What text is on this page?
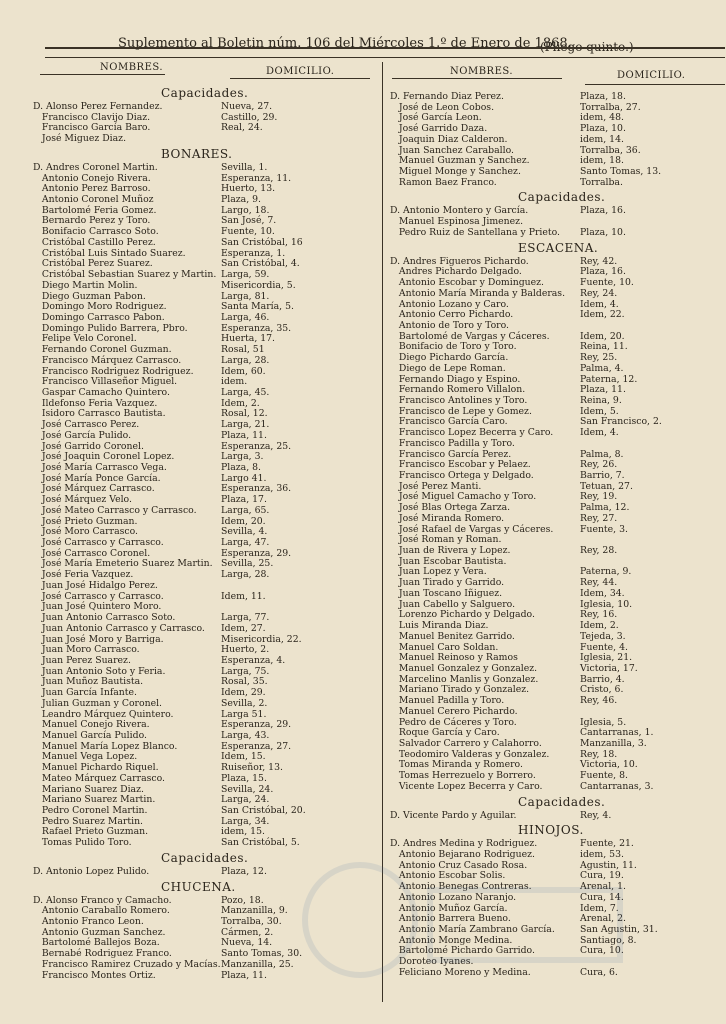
Suplemento al Boletin núm. 106 del Miércoles 1.º de Enero de 1868.
(Pliego quinto.)
NOMBRES.	DOMICILIO.	NOMBRES.	DOMICILIO.
Capacidades.
D. Alonso Perez Fernandez.	Nueva, 27.
Francisco Clavijo Diaz.	Castillo, 29.
Francisco García Baro.	Real, 24.
José Miguez Diaz.
BONARES.
D. Andres Coronel Martin.	Sevilla, 1.
Antonio Conejo Rivera.	Esperanza, 11.
Antonio Perez Barroso.	Huerto, 13.
Antonio Coronel Muñoz	Plaza, 9.
Bartolomé Feria Gomez.	Largo, 18.
Bernardo Perez y Toro.	San José, 7.
Bonifacio Carrasco Soto.	Fuente, 10.
Cristóbal Castillo Perez.	San Cristóbal, 16
Cristóbal Luis Sintado Suarez.	Esperanza, 1.
Cristóbal Perez Suarez.	San Cristóbal, 4.
Cristóbal Sebastian Suarez y Martin. Larga, 59.
Diego Martin Molin.	Misericordia, 5.
Diego Guzman Pabon.	Larga, 81.
Domingo Moro Rodriguez.	Santa María, 5.
Domingo Carrasco Pabon.	Larga, 46.
Domingo Pulido Barrera, Pbro.	Esperanza, 35.
Felipe Velo Coronel.	Huerta, 17.
Fernando Coronel Guzman.	Rosal, 51
Francisco Márquez Carrasco.	Larga, 28.
Francisco Rodriguez Rodriguez.	Idem, 60.
Francisco Villaseñor Miguel.	idem.
Gaspar Camacho Quintero.	Larga, 45.
Ildefonso Feria Vazquez.	Idem, 2.
Isidoro Carrasco Bautista.	Rosal, 12.
José Carrasco Perez.	Larga, 21.
José García Pulido.	Plaza, 11.
José Garrido Coronel.	Esperanza, 25.
José Joaquin Coronel Lopez.	Larga, 3.
José María Carrasco Vega.	Plaza, 8.
José María Ponce García.	Largo 41.
José Márquez Carrasco.	Esperanza, 36.
José Márquez Velo.	Plaza, 17.
José Mateo Carrasco y Carrasco.	Larga, 65.
José Prieto Guzman.	Idem, 20.
José Moro Carrasco.	Sevilla, 4.
José Carrasco y Carrasco.	Larga, 47.
José Carrasco Coronel.	Esperanza, 29.
José María Emeterio Suarez Martin. Sevilla, 25.
José Feria Vazquez.	Larga, 28.
Juan José Hidalgo Perez.
José Carrasco y Carrasco.	Idem, 11.
Juan José Quintero Moro.
Juan Antonio Carrasco Soto.	Larga, 77.
Juan Antonio Carrasco y Carrasco. Idem, 27.
Juan José Moro y Barriga.	Misericordia, 22.
Juan Moro Carrasco.	Huerto, 2.
Juan Perez Suarez.	Esperanza, 4.
Juan Antonio Soto y Feria.	Larga, 75.
Juan Muñoz Bautista.	Rosal, 35.
Juan García Infante.	Idem, 29.
Julian Guzman y Coronel.	Sevilla, 2.
Leandro Márquez Quintero.	Larga 51.
Manuel Conejo Rivera.	Esperanza, 29.
Manuel García Pulido.	Larga, 43.
Manuel María Lopez Blanco.	Esperanza, 27.
Manuel Vega Lopez.	Idem, 15.
Manuel Pichardo Riquel.	Ruiseñor, 13.
Mateo Márquez Carrasco.	Plaza, 15.
Mariano Suarez Diaz.	Sevilla, 24.
Mariano Suarez Martin.	Larga, 24.
Pedro Coronel Martin.	San Cristóbal, 20.
Pedro Suarez Martin.	Larga, 34.
Rafael Prieto Guzman.	idem, 15.
Tomas Pulido Toro.	San Cristóbal, 5.
Capacidades.
D. Antonio Lopez Pulido.	Plaza, 12.
CHUCENA.
D. Alonso Franco y Camacho.	Pozo, 18.
Antonio Caraballo Romero.	Manzanilla, 9.
Antonio Franco Leon.	Torralba, 30.
Antonio Guzman Sanchez.	Cármen, 2.
Bartolomé Ballejos Boza.	Nueva, 14.
Bernabé Rodriguez Franco.	Santo Tomas, 30.
Francisco Ramirez Cruzado y Macías. Manzanilla, 25.
Francisco Montes Ortiz.	Plaza, 11.
D. Fernando Diaz Perez.	Plaza, 18.
José de Leon Cobos.	Torralba, 27.
José García Leon.	idem, 48.
José Garrido Daza.	Plaza, 10.
Joaquin Diaz Calderon.	idem, 14.
Juan Sanchez Caraballo.	Torralba, 36.
Manuel Guzman y Sanchez.	idem, 18.
Miguel Monge y Sanchez.	Santo Tomas, 13.
Ramon Baez Franco.	Torralba.
Capacidades.
D. Antonio Montero y García.	Plaza, 16.
Manuel Espinosa Jimenez.
Pedro Ruiz de Santellana y Prieto. Plaza, 10.
ESCACENA.
D. Andres Figueros Pichardo.	Rey, 42.
Andres Pichardo Delgado.	Plaza, 16.
Antonio Escobar y Dominguez.	Fuente, 10.
Antonio María Miranda y Balderas. Rey, 24.
Antonio Lozano y Caro.	Idem, 4.
Antonio Cerro Pichardo.	Idem, 22.
Antonio de Toro y Toro.
Bartolomé de Vargas y Cáceres.	Idem, 20.
Bonifacio de Toro y Toro.	Reina, 11.
Diego Pichardo García.	Rey, 25.
Diego de Lepe Roman.	Palma, 4.
Fernando Diago y Espino.	Paterna, 12.
Fernando Romero Villalon.	Plaza, 11.
Francisco Antolines y Toro.	Reina, 9.
Francisco de Lepe y Gomez.	Idem, 5.
Francisco García Caro.	San Francisco, 2.
Francisco Lopez Becerra y Caro.	Idem, 4.
Francisco Padilla y Toro.
Francisco García Perez.	Palma, 8.
Francisco Escobar y Pelaez.	Rey, 26.
Francisco Ortega y Delgado.	Barrio, 7.
José Perez Manti.	Tetuan, 27.
José Miguel Camacho y Toro.	Rey, 19.
José Blas Ortega Zarza.	Palma, 12.
José Miranda Romero.	Rey, 27.
José Rafael de Vargas y Cáceres.	Fuente, 3.
José Roman y Roman.
Juan de Rivera y Lopez.	Rey, 28.
Juan Escobar Bautista.
Juan Lopez y Vera.	Paterna, 9.
Juan Tirado y Garrido.	Rey, 44.
Juan Toscano Iñiguez.	Idem, 34.
Juan Cabello y Salguero.	Iglesia, 10.
Lorenzo Pichardo y Delgado.	Rey, 16.
Luis Miranda Diaz.	Idem, 2.
Manuel Benitez Garrido.	Tejeda, 3.
Manuel Caro Soldan.	Fuente, 4.
Manuel Reinoso y Ramos	Iglesia, 21.
Manuel Gonzalez y Gonzalez.	Victoria, 17.
Marcelino Manlis y Gonzalez.	Barrio, 4.
Mariano Tirado y Gonzalez.	Cristo, 6.
Manuel Padilla y Toro.	Rey, 46.
Manuel Cerero Pichardo.
Pedro de Cáceres y Toro.	Iglesia, 5.
Roque García y Caro.	Cantarranas, 1.
Salvador Carrero y Calahorro.	Manzanilla, 3.
Teodomiro Valderas y Gonzalez.	Rey, 18.
Tomas Miranda y Romero.	Victoria, 10.
Tomas Herrezuelo y Borrero.	Fuente, 8.
Vicente Lopez Becerra y Caro.	Cantarranas, 3.
Capacidades.
D. Vicente Pardo y Aguilar.	Rey, 4.
HINOJOS.
D. Andres Medina y Rodriguez.	Fuente, 21.
Antonio Bejarano Rodriguez.	idem, 53.
Antonio Cruz Casado Rosa.	Agustin, 11.
Antonio Escobar Solis.	Cura, 19.
Antonio Benegas Contreras.	Arenal, 1.
Antonio Lozano Naranjo.	Cura, 14.
Antonio Muñoz García.	Idem, 7.
Antonio Barrera Bueno.	Arenal, 2.
Antonio María Zambrano García.	San Agustin, 31.
Antonio Monge Medina.	Santiago, 8.
Bartolomé Pichardo Garrido.	Cura, 10.
Doroteo Iyanes.
Feliciano Moreno y Medina.	Cura, 6.
